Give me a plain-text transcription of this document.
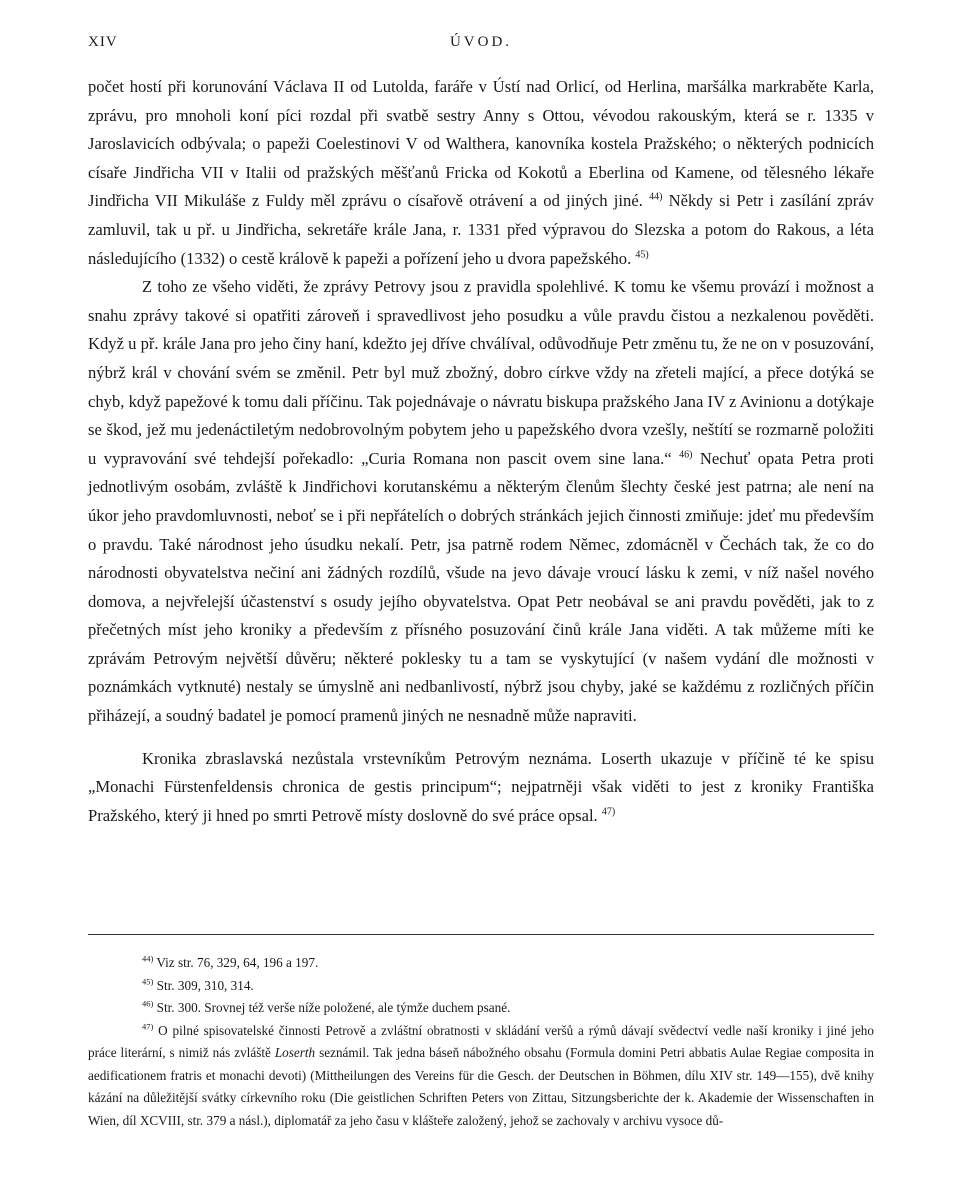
XIV	ÚVOD.

počet hostí při korunování Václava II od Lutolda, faráře v Ústí nad Orlicí, od Herlina, maršálka markraběte Karla, zprávu, pro mnoholi koní píci rozdal při svatbě sestry Anny s Ottou, vévodou rakouským, která se r. 1335 v Jaroslavicích odbývala; o papeži Coelestinovi V od Walthera, kanovníka kostela Pražského; o některých podnicích císaře Jindřicha VII v Italii od pražských měšťanů Fricka od Kokotů a Eberlina od Kamene, od tělesného lékaře Jindřicha VII Mikuláše z Fuldy měl zprávu o císařově otrávení a od jiných jiné. $^{44)}$ Někdy si Petr i zasílání zpráv zamluvil, tak u př. u Jindřicha, sekretáře krále Jana, r. 1331 před výpravou do Slezska a potom do Rakous, a léta následujícího (1332) o cestě královĕ k papeži a pořízení jeho u dvora papežského. $^{45)}$

Z toho ze všeho viděti, že zprávy Petrovy jsou z pravidla spolehlivé. K tomu ke všemu provází i možnost a snahu zprávy takové si opatřiti zároveň i spravedlivost jeho posudku a vůle pravdu čistou a nezkalenou pověděti. Když u př. krále Jana pro jeho činy haní, kdežto jej dříve chválíval, odůvodňuje Petr změnu tu, že ne on v posuzování, nýbrž král v chování svém se změnil. Petr byl muž zbožný, dobro církve vždy na zřeteli mající, a přece dotýká se chyb, když papežové k tomu dali příčinu. Tak pojednávaje o návratu biskupa pražského Jana IV z Avinionu a dotýkaje se škod, jež mu jedenáctiletým nedobrovolným pobytem jeho u papežského dvora vzešly, neštítí se rozmarně položiti u vypravování své tehdejší pořekadlo: „Curia Romana non pascit ovem sine lana.“ $^{46)}$ Nechuť opata Petra proti jednotlivým osobám, zvláště k Jindřichovi korutanskému a některým členům šlechty české jest patrna; ale není na úkor jeho pravdomluvnosti, neboť se i při nepřátelích o dobrých stránkách jejich činnosti zmiňuje: jdeť mu především o pravdu. Také národnost jeho úsudku nekalí. Petr, jsa patrně rodem Němec, zdomácněl v Čechách tak, že co do národnosti obyvatelstva nečiní ani žádných rozdílů, všude na jevo dávaje vroucí lásku k zemi, v níž našel nového domova, a nejvřelejší účastenství s osudy jejího obyvatelstva. Opat Petr neobával se ani pravdu pověděti, jak to z přečetných míst jeho kroniky a především z přísného posuzování činů krále Jana viděti. A tak můžeme míti ke zprávám Petrovým největší důvěru; některé poklesky tu a tam se vyskytující (v našem vydání dle možnosti v poznámkách vytknuté) nestaly se úmyslně ani nedbanlivostí, nýbrž jsou chyby, jaké se každému z rozličných příčin přiházejí, a soudný badatel je pomocí pramenů jiných ne nesnadně může napraviti.

Kronika zbraslavská nezůstala vrstevníkům Petrovým neznáma. Loserth ukazuje v příčině té ke spisu „Monachi Fürstenfeldensis chronica de gestis principum“; nejpatrněji však viděti to jest z kroniky Františka Pražského, který ji hned po smrti Petrově místy doslovně do své práce opsal. $^{47)}$

$^{44)}$ Viz str. 76, 329, 64, 196 a 197.

$^{45)}$ Str. 309, 310, 314.

$^{46)}$ Str. 300. Srovnej též verše níže položené, ale týmže duchem psané.

$^{47)}$ O pilné spisovatelské činnosti Petrově a zvláštní obratnosti v skládání veršů a rýmů dávají svědectví vedle naší kroniky i jiné jeho práce literární, s nimiž nás zvláště Loserth seznámil. Tak jedna báseň nábožného obsahu (Formula domini Petri abbatis Aulae Regiae composita in aedificationem fratris et monachi devoti) (Mittheilungen des Vereins für die Gesch. der Deutschen in Böhmen, dílu XIV str. 149—155), dvě knihy kázání na důležitější svátky církevního roku (Die geistlichen Schriften Peters von Zittau, Sitzungsberichte der k. Akademie der Wissenschaften in Wien, díl XCVIII, str. 379 a násl.), diplomatář za jeho času v klášteře založený, jehož se zachovaly v archivu vysoce dů-
